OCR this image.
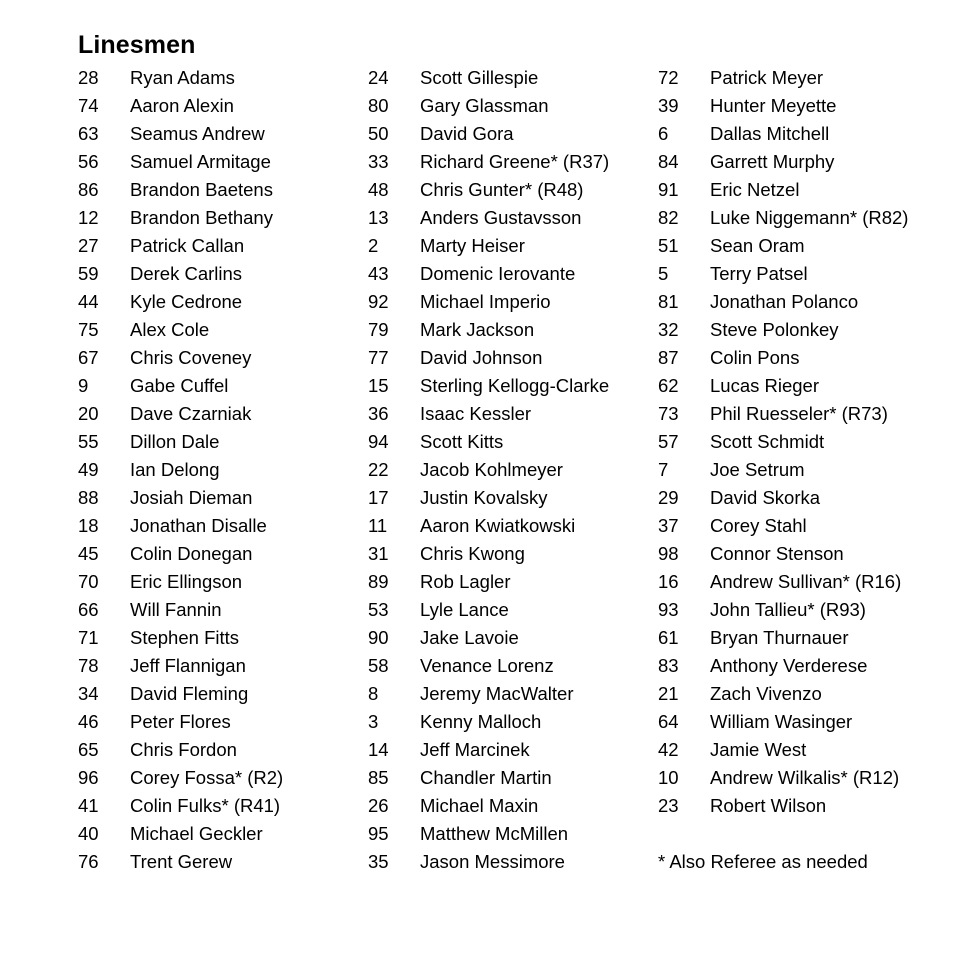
Linesmen
28	Ryan Adams
74	Aaron Alexin
63	Seamus Andrew
56	Samuel Armitage
86	Brandon Baetens
12	Brandon Bethany
27	Patrick Callan
59	Derek Carlins
44	Kyle Cedrone
75	Alex Cole
67	Chris Coveney
9	Gabe Cuffel
20	Dave Czarniak
55	Dillon Dale
49	Ian Delong
88	Josiah Dieman
18	Jonathan Disalle
45	Colin Donegan
70	Eric Ellingson
66	Will Fannin
71	Stephen Fitts
78	Jeff Flannigan
34	David Fleming
46	Peter Flores
65	Chris Fordon
96	Corey Fossa* (R2)
41	Colin Fulks* (R41)
40	Michael Geckler
76	Trent Gerew
24	Scott Gillespie
80	Gary Glassman
50	David Gora
33	Richard Greene* (R37)
48	Chris Gunter* (R48)
13	Anders Gustavsson
2	Marty Heiser
43	Domenic Ierovante
92	Michael Imperio
79	Mark Jackson
77	David Johnson
15	Sterling Kellogg-Clarke
36	Isaac Kessler
94	Scott Kitts
22	Jacob Kohlmeyer
17	Justin Kovalsky
11	Aaron Kwiatkowski
31	Chris Kwong
89	Rob Lagler
53	Lyle Lance
90	Jake Lavoie
58	Venance Lorenz
8	Jeremy MacWalter
3	Kenny Malloch
14	Jeff Marcinek
85	Chandler Martin
26	Michael Maxin
95	Matthew McMillen
35	Jason Messimore
72	Patrick Meyer
39	Hunter Meyette
6	Dallas Mitchell
84	Garrett Murphy
91	Eric Netzel
82	Luke Niggemann* (R82)
51	Sean Oram
5	Terry Patsel
81	Jonathan Polanco
32	Steve Polonkey
87	Colin Pons
62	Lucas Rieger
73	Phil Ruesseler* (R73)
57	Scott Schmidt
7	Joe Setrum
29	David Skorka
37	Corey Stahl
98	Connor Stenson
16	Andrew Sullivan* (R16)
93	John Tallieu* (R93)
61	Bryan Thurnauer
83	Anthony Verderese
21	Zach Vivenzo
64	William Wasinger
42	Jamie West
10	Andrew Wilkalis* (R12)
23	Robert Wilson
* Also Referee as needed
